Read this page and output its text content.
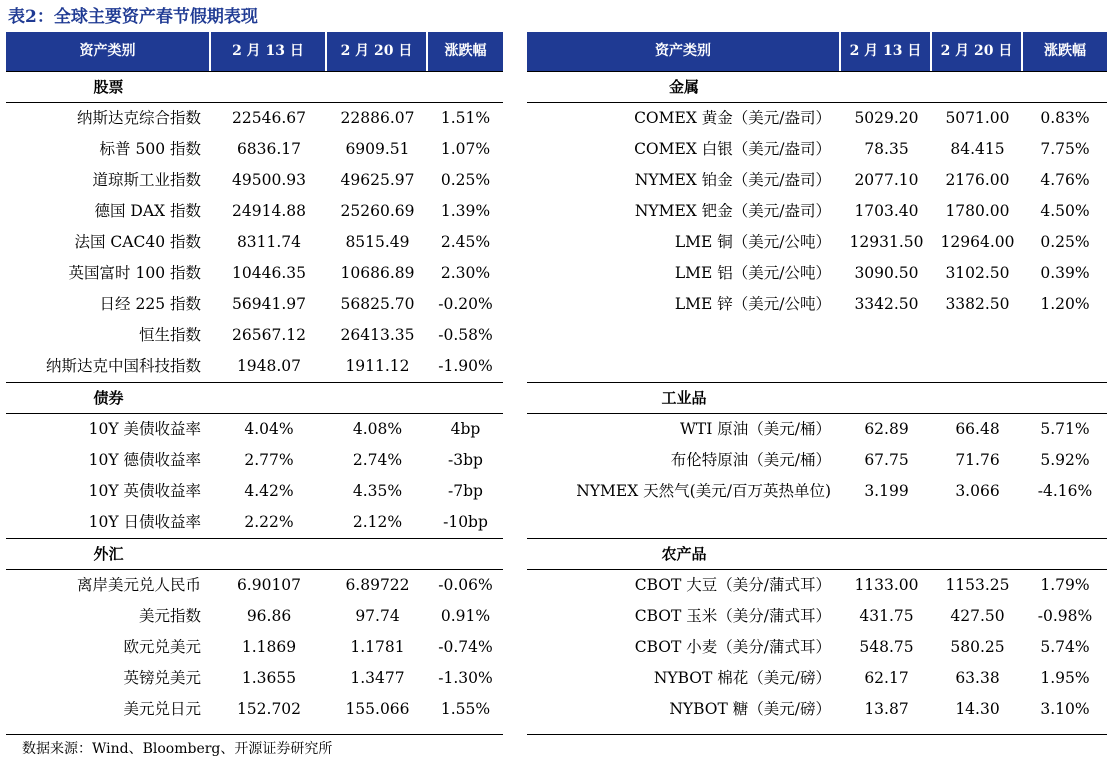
表2：全球主要资产春节假期表现
资产类别	2 月 13 日	2 月 20 日	涨跌幅
股票
纳斯达克综合指数	22546.67	22886.07	1.51%
标普 500 指数	6836.17	6909.51	1.07%
道琼斯工业指数	49500.93	49625.97	0.25%
德国 DAX 指数	24914.88	25260.69	1.39%
法国 CAC40 指数	8311.74	8515.49	2.45%
英国富时 100 指数	10446.35	10686.89	2.30%
日经 225 指数	56941.97	56825.70	-0.20%
恒生指数	26567.12	26413.35	-0.58%
纳斯达克中国科技指数	1948.07	1911.12	-1.90%
债券
10Y 美债收益率	4.04%	4.08%	4bp
10Y 德债收益率	2.77%	2.74%	-3bp
10Y 英债收益率	4.42%	4.35%	-7bp
10Y 日债收益率	2.22%	2.12%	-10bp
外汇
离岸美元兑人民币	6.90107	6.89722	-0.06%
美元指数	96.86	97.74	0.91%
欧元兑美元	1.1869	1.1781	-0.74%
英镑兑美元	1.3655	1.3477	-1.30%
美元兑日元	152.702	155.066	1.55%
资产类别	2 月 13 日	2 月 20 日	涨跌幅
金属
COMEX 黄金（美元/盎司）	5029.20	5071.00	0.83%
COMEX 白银（美元/盎司）	78.35	84.415	7.75%
NYMEX 铂金（美元/盎司）	2077.10	2176.00	4.76%
NYMEX 钯金（美元/盎司）	1703.40	1780.00	4.50%
LME 铜（美元/公吨）	12931.50	12964.00	0.25%
LME 铝（美元/公吨）	3090.50	3102.50	0.39%
LME 锌（美元/公吨）	3342.50	3382.50	1.20%
工业品
WTI 原油（美元/桶）	62.89	66.48	5.71%
布伦特原油（美元/桶）	67.75	71.76	5.92%
NYMEX 天然气(美元/百万英热单位)	3.199	3.066	-4.16%
农产品
CBOT 大豆（美分/蒲式耳）	1133.00	1153.25	1.79%
CBOT 玉米（美分/蒲式耳）	431.75	427.50	-0.98%
CBOT 小麦（美分/蒲式耳）	548.75	580.25	5.74%
NYBOT 棉花（美元/磅）	62.17	63.38	1.95%
NYBOT 糖（美元/磅）	13.87	14.30	3.10%
数据来源：Wind、Bloomberg、开源证券研究所
